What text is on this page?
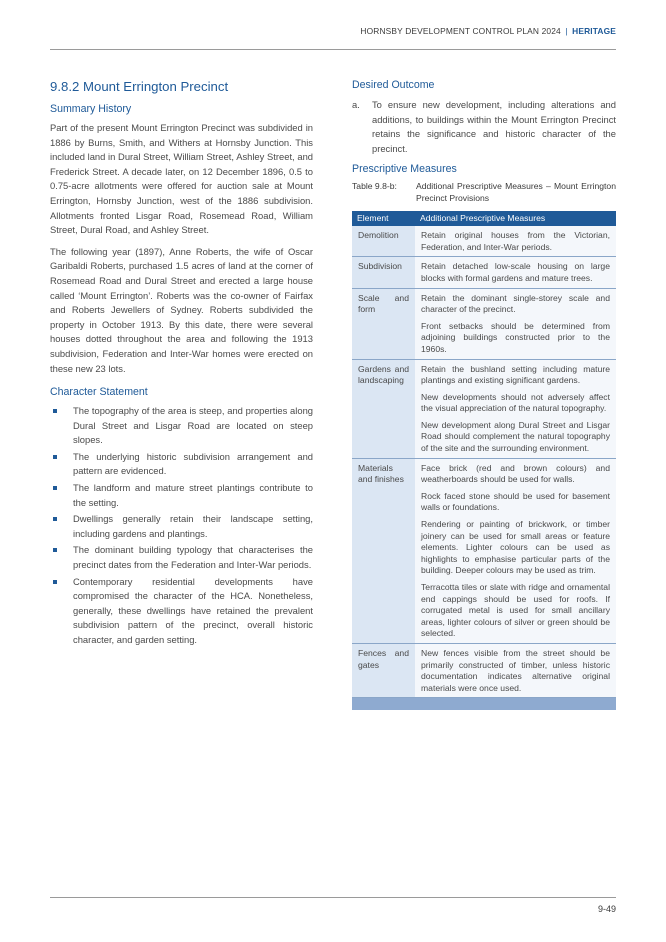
HORNSBY DEVELOPMENT CONTROL PLAN 2024 | HERITAGE
9.8.2 Mount Errington Precinct
Summary History

Part of the present Mount Errington Precinct was subdivided in 1886 by Burns, Smith, and Withers at Hornsby Junction. This included land in Dural Street, William Street, Ashley Street, and Frederick Street. A decade later, on 12 December 1896, 0.5 to 0.75-acre allotments were offered for auction sale at Mount Errington, Hornsby Junction, west of the 1886 subdivision. Allotments fronted Lisgar Road, Rosemead Road, William Street, Dural Road, and Ashley Street.

The following year (1897), Anne Roberts, the wife of Oscar Garibaldi Roberts, purchased 1.5 acres of land at the corner of Rosemead Road and Dural Street and erected a large house called ‘Mount Errington’. Roberts was the co-owner of Fairfax and Roberts Jewellers of Sydney. Roberts subdivided the property in October 1913. By this date, there were several houses dotted throughout the area and following the 1913 subdivision, Federation and Inter-War homes were erected on these new 23 lots.

Character Statement
The topography of the area is steep, and properties along Dural Street and Lisgar Road are located on steep slopes.
The underlying historic subdivision arrangement and pattern are evidenced.
The landform and mature street plantings contribute to the setting.
Dwellings generally retain their landscape setting, including gardens and plantings.
The dominant building typology that characterises the precinct dates from the Federation and Inter-War periods.
Contemporary residential developments have compromised the character of the HCA. Nonetheless, generally, these dwellings have retained the prevalent subdivision pattern of the precinct, overall historic character, and garden setting.
Desired Outcome
a. To ensure new development, including alterations and additions, to buildings within the Mount Errington Precinct retains the significance and historic character of the precinct.
Prescriptive Measures
Table 9.8-b:	Additional Prescriptive Measures – Mount Errington Precinct Provisions
Element	Additional Prescriptive Measures
Demolition	Retain original houses from the Victorian, Federation, and Inter-War periods.

Subdivision	Retain detached low-scale housing on large blocks with formal gardens and mature trees.

Scale and form	Retain the dominant single-storey scale and character of the precinct.
Front setbacks should be determined from adjoining buildings constructed prior to the 1960s.

Gardens and landscaping	Retain the bushland setting including mature plantings and existing significant gardens.
New developments should not adversely affect the visual appreciation of the natural topography.
New development along Dural Street and Lisgar Road should complement the natural topography of the site and the surrounding environment.

Materials and finishes	Face brick (red and brown colours) and weatherboards should be used for walls.
Rock faced stone should be used for basement walls or foundations.
Rendering or painting of brickwork, or timber joinery can be used for small areas or feature elements. Lighter colours can be used as highlights to emphasise particular parts of the building. Deeper colours may be used as trim.
Terracotta tiles or slate with ridge and ornamental end cappings should be used for roofs. If corrugated metal is used for small ancillary areas, lighter colours of silver or green should be selected.

Fences and gates	New fences visible from the street should be primarily constructed of timber, unless historic documentation indicates alternative original materials were once used.

9-49
